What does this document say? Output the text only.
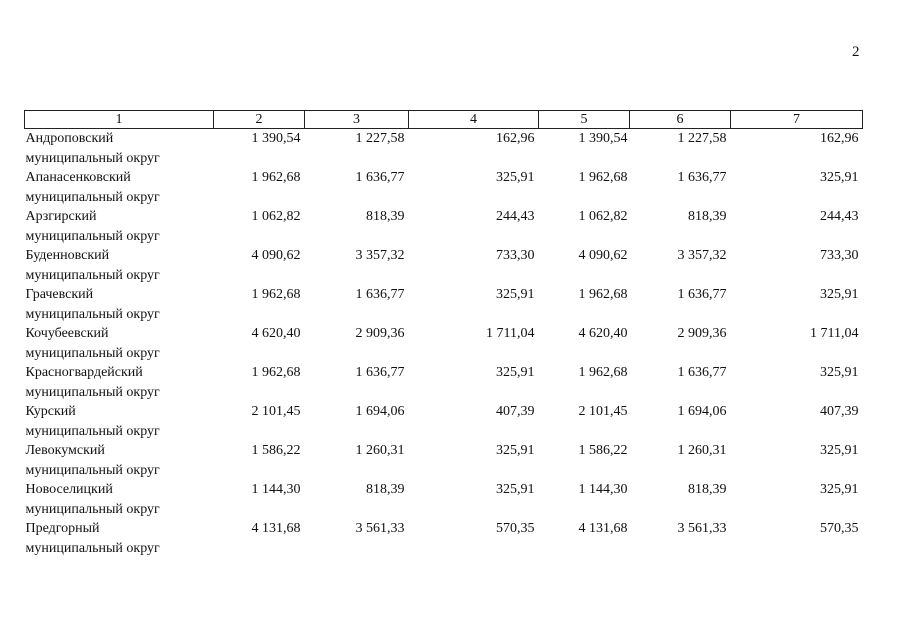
2
1	2	3	4	5	6	7

Андроповский
муниципальный округ	1 390,54	1 227,58	162,96	1 390,54	1 227,58	162,96

Апанасенковский
муниципальный округ	1 962,68	1 636,77	325,91	1 962,68	1 636,77	325,91

Арзгирский
муниципальный округ	1 062,82	818,39	244,43	1 062,82	818,39	244,43

Буденновский
муниципальный округ	4 090,62	3 357,32	733,30	4 090,62	3 357,32	733,30

Грачевский
муниципальный округ	1 962,68	1 636,77	325,91	1 962,68	1 636,77	325,91

Кочубеевский
муниципальный округ	4 620,40	2 909,36	1 711,04	4 620,40	2 909,36	1 711,04

Красногвардейский
муниципальный округ	1 962,68	1 636,77	325,91	1 962,68	1 636,77	325,91

Курский
муниципальный округ	2 101,45	1 694,06	407,39	2 101,45	1 694,06	407,39

Левокумский
муниципальный округ	1 586,22	1 260,31	325,91	1 586,22	1 260,31	325,91

Новоселицкий
муниципальный округ	1 144,30	818,39	325,91	1 144,30	818,39	325,91

Предгорный
муниципальный округ	4 131,68	3 561,33	570,35	4 131,68	3 561,33	570,35
